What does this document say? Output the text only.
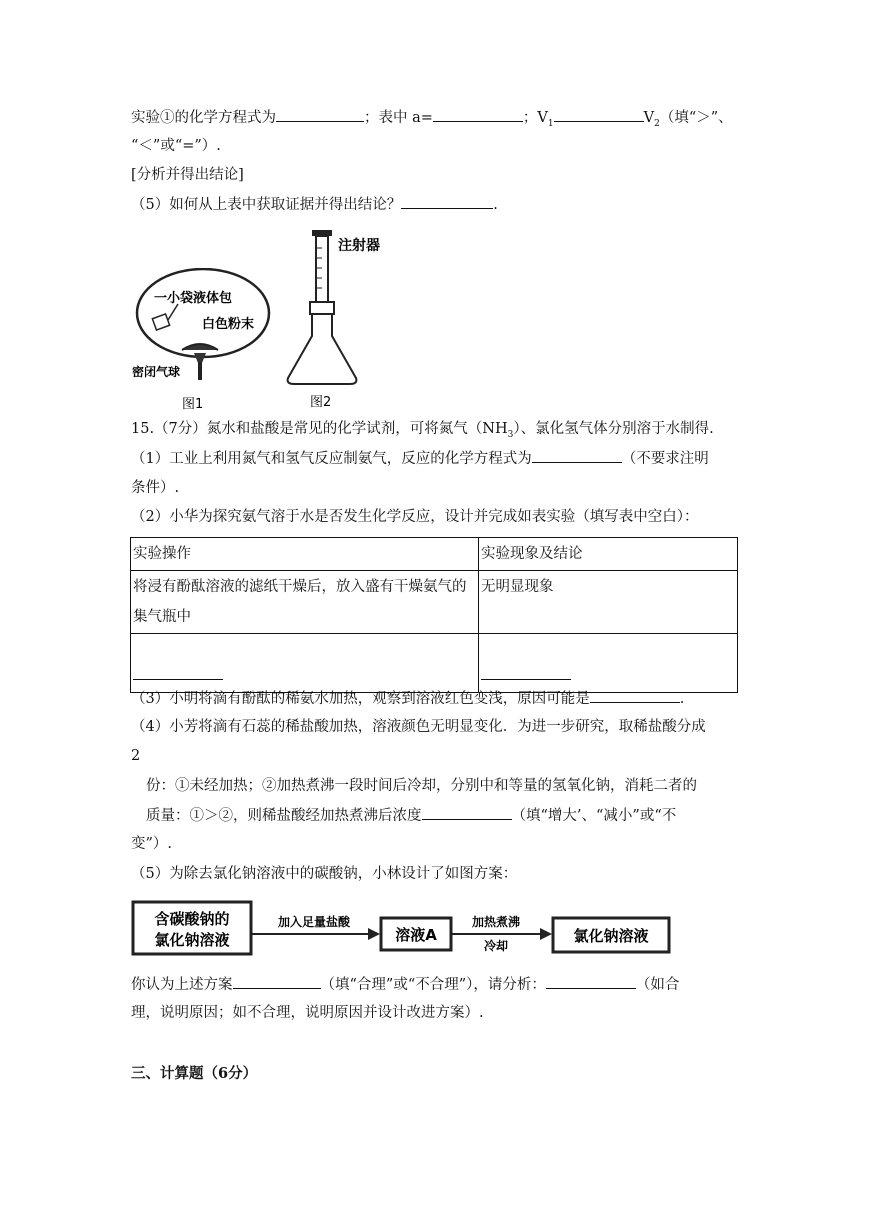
实验①的化学方程式为	；表中 a=	；$V_1$	$V_2$（填“＞”、
“＜”或“=”）.
[分析并得出结论]
（5）如何从上表中获取证据并得出结论？	.
一小袋液体包
白色粉末
密闭气球
图1
注射器
图2
15.（7分）氮水和盐酸是常见的化学试剂，可将氮气$(NH_3)$、氯化氢气体分别溶于水制得.
（1）工业上利用氮气和氢气反应制氨气，反应的化学方程式为	（不要求注明
条件）.
（2）小华为探究氨气溶于水是否发生化学反应，设计并完成如表实验（填写表中空白）：
实验操作	实验现象及结论
将浸有酚酞溶液的滤纸干燥后，放入盛有干燥氨气的
集气瓶中	无明显现象

（3）小明将滴有酚酞的稀氨水加热，观察到溶液红色变浅，原因可能是	.
（4）小芳将滴有石蕊的稀盐酸加热，溶液颜色无明显变化．为进一步研究，取稀盐酸分成
2
份：①未经加热；②加热煮沸一段时间后冷却，分别中和等量的氢氧化钠，消耗二者的
质量：①＞②，则稀盐酸经加热煮沸后浓度	（填“增大’、“减小”或“不
变”）.
（5）为除去氯化钠溶液中的碳酸钠，小林设计了如图方案：
含碳酸钠的
氯化钠溶液
加入足量盐酸
溶液A
加热煮沸
冷却
氯化钠溶液
你认为上述方案	（填“合理”或“不合理”），请分析：	（如合
理，说明原因；如不合理，说明原因并设计改进方案）.
三、计算题（6分）
